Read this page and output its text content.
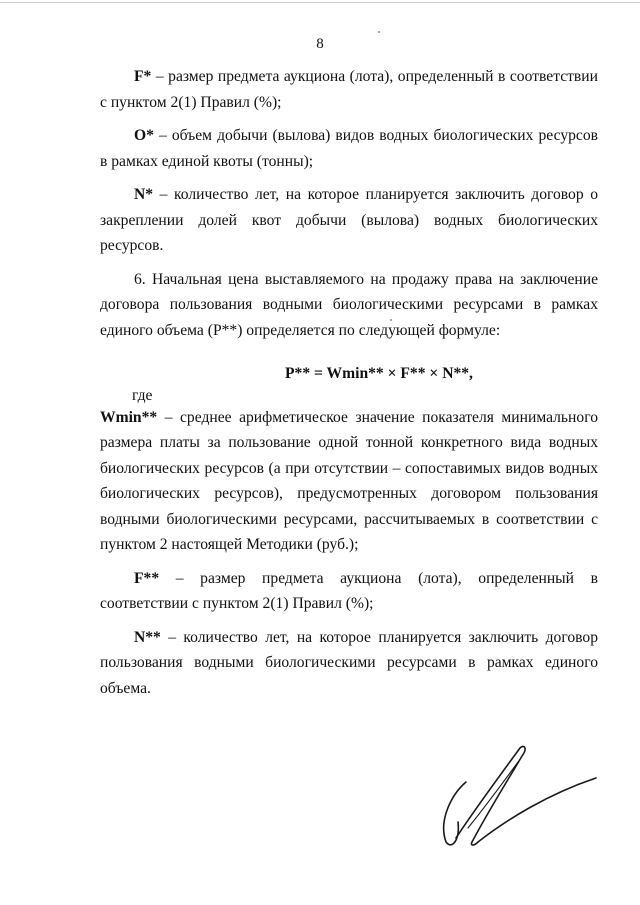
8

F* – размер предмета аукциона (лота), определенный в соответствии с пунктом 2(1) Правил (%);

O* – объем добычи (вылова) видов водных биологических ресурсов в рамках единой квоты (тонны);

N* – количество лет, на которое планируется заключить договор о закреплении долей квот добычи (вылова) водных биологических ресурсов.

6. Начальная цена выставляемого на продажу права на заключение договора пользования водными биологическими ресурсами в рамках единого объема (P**) определяется по следующей формуле:

P** = Wmin** × F** × N**,

где

Wmin** – среднее арифметическое значение показателя минимального размера платы за пользование одной тонной конкретного вида водных биологических ресурсов (а при отсутствии – сопоставимых видов водных биологических ресурсов), предусмотренных договором пользования водными биологическими ресурсами, рассчитываемых в соответствии с пунктом 2 настоящей Методики (руб.);

F** – размер предмета аукциона (лота), определенный в соответствии с пунктом 2(1) Правил (%);

N** – количество лет, на которое планируется заключить договор пользования водными биологическими ресурсами в рамках единого объема.
